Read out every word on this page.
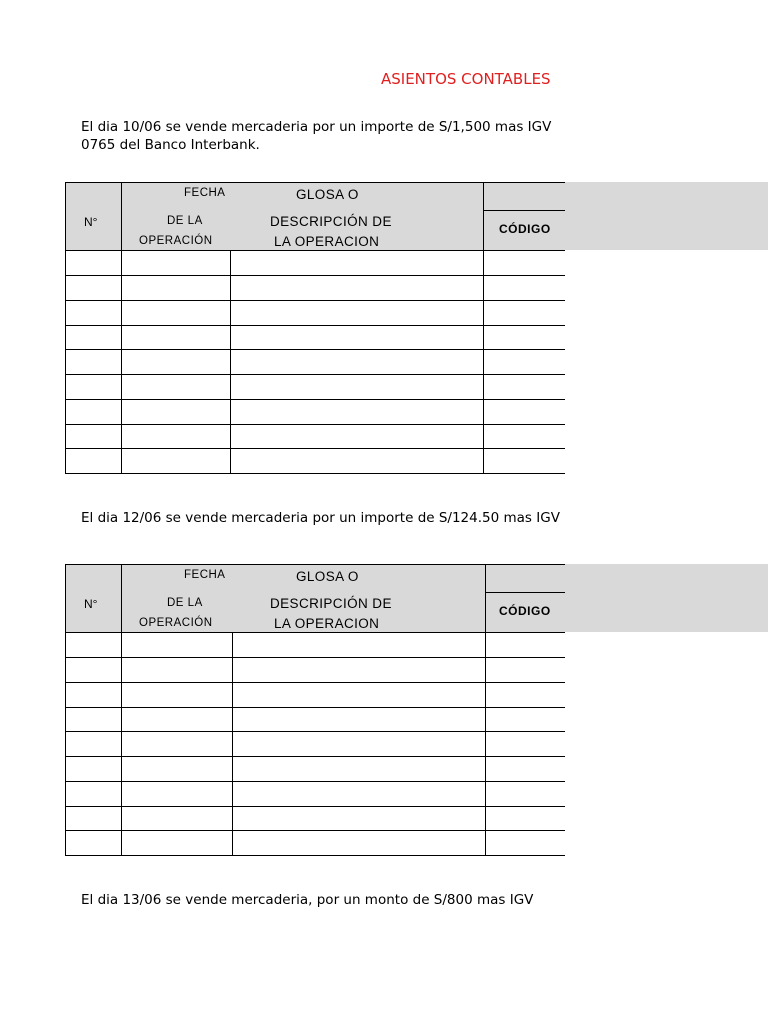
ASIENTOS CONTABLES
El dia 10/06 se vende mercaderia por un importe de S/1,500 mas IGV
0765 del Banco Interbank.
N°
FECHA
DE LA
OPERACIÓN
GLOSA O
DESCRIPCIÓN DE
LA OPERACION
CÓDIGO
El dia 12/06 se vende mercaderia por un importe de S/124.50 mas IGV
N°
FECHA
DE LA
OPERACIÓN
GLOSA O
DESCRIPCIÓN DE
LA OPERACION
CÓDIGO
El dia 13/06 se vende mercaderia, por un monto de S/800 mas IGV
